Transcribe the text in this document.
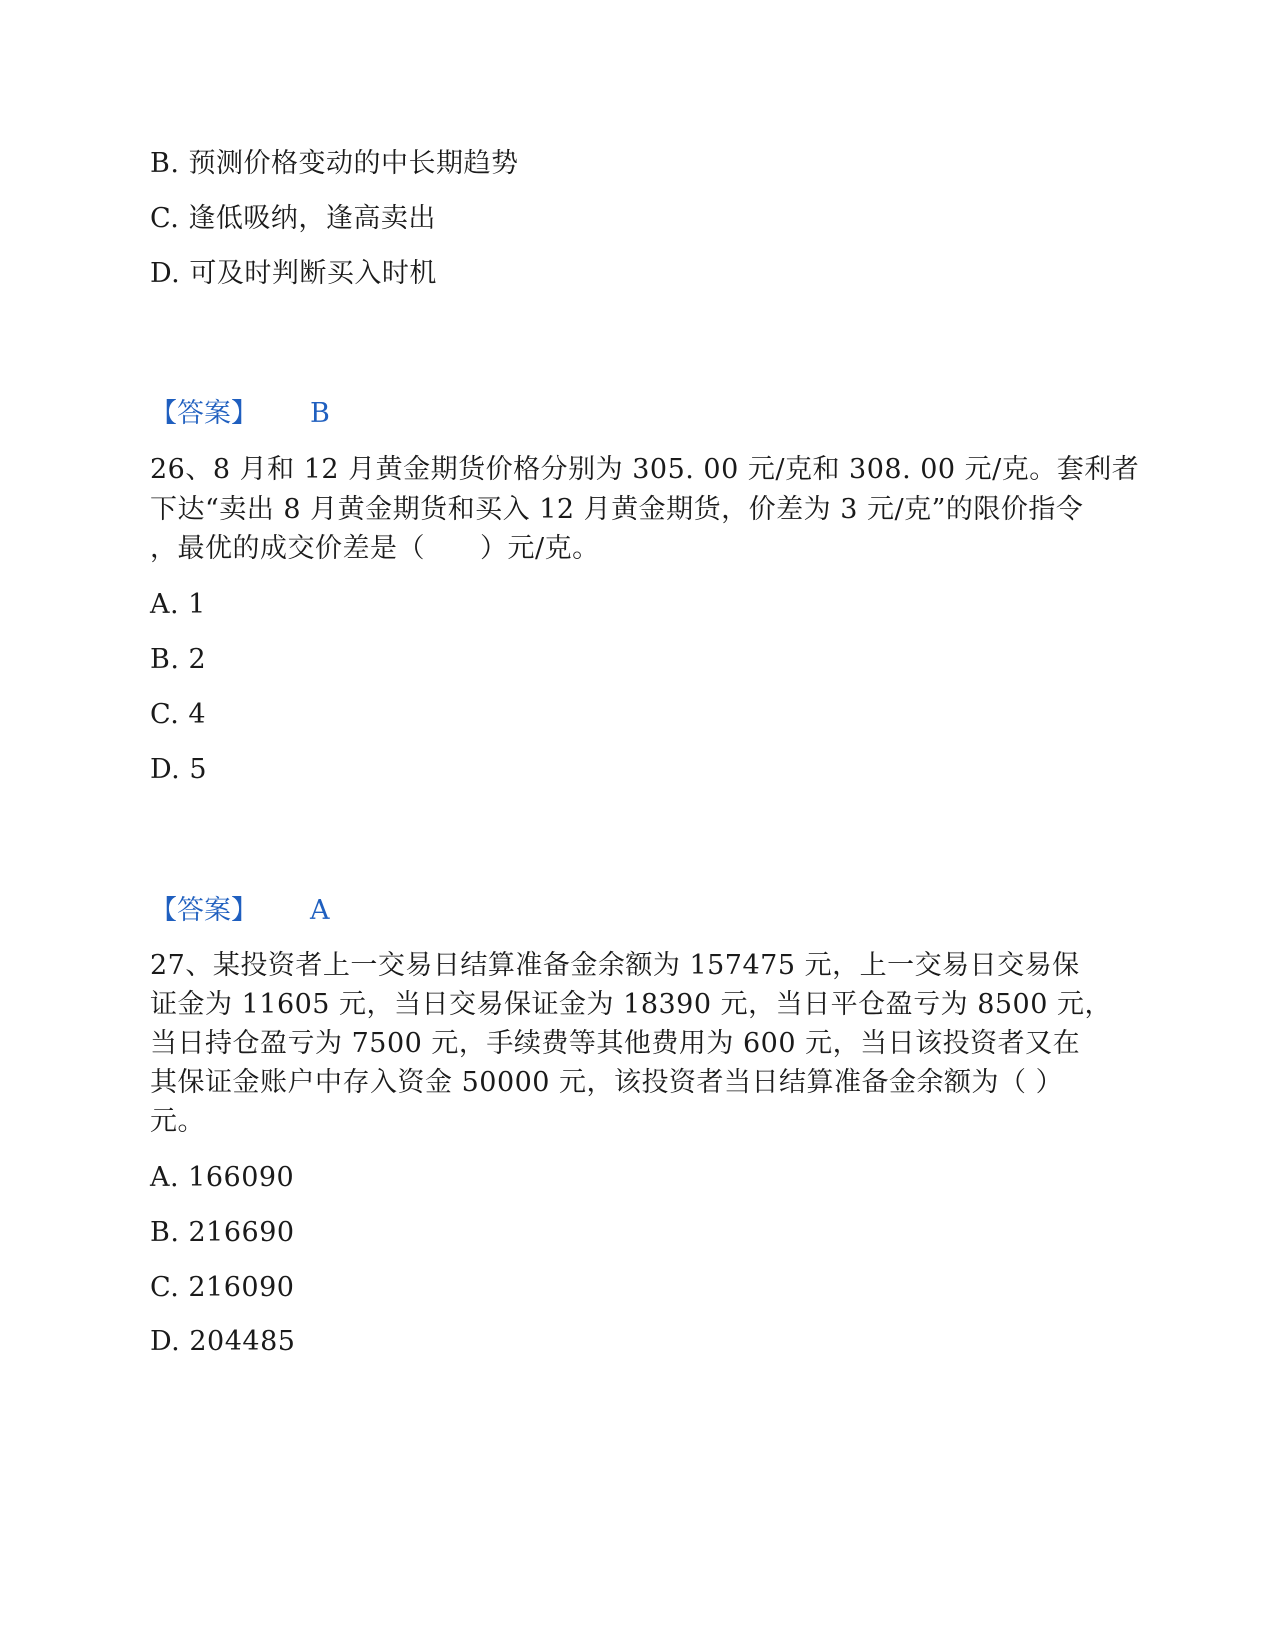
B. 预测价格变动的中长期趋势
C. 逢低吸纳，逢高卖出
D. 可及时判断买入时机
【答案】 B
26、8 月和 12 月黄金期货价格分别为 305. 00 元/克和 308. 00 元/克。套利者
下达“卖出 8 月黄金期货和买入 12 月黄金期货，价差为 3 元/克”的限价指令
，最优的成交价差是（　　）元/克。
A. 1
B. 2
C. 4
D. 5
【答案】 A
27、某投资者上一交易日结算准备金余额为 157475 元，上一交易日交易保
证金为 11605 元，当日交易保证金为 18390 元，当日平仓盈亏为 8500 元，
当日持仓盈亏为 7500 元，手续费等其他费用为 600 元，当日该投资者又在
其保证金账户中存入资金 50000 元，该投资者当日结算准备金余额为（ ）
元。
A. 166090
B. 216690
C. 216090
D. 204485
